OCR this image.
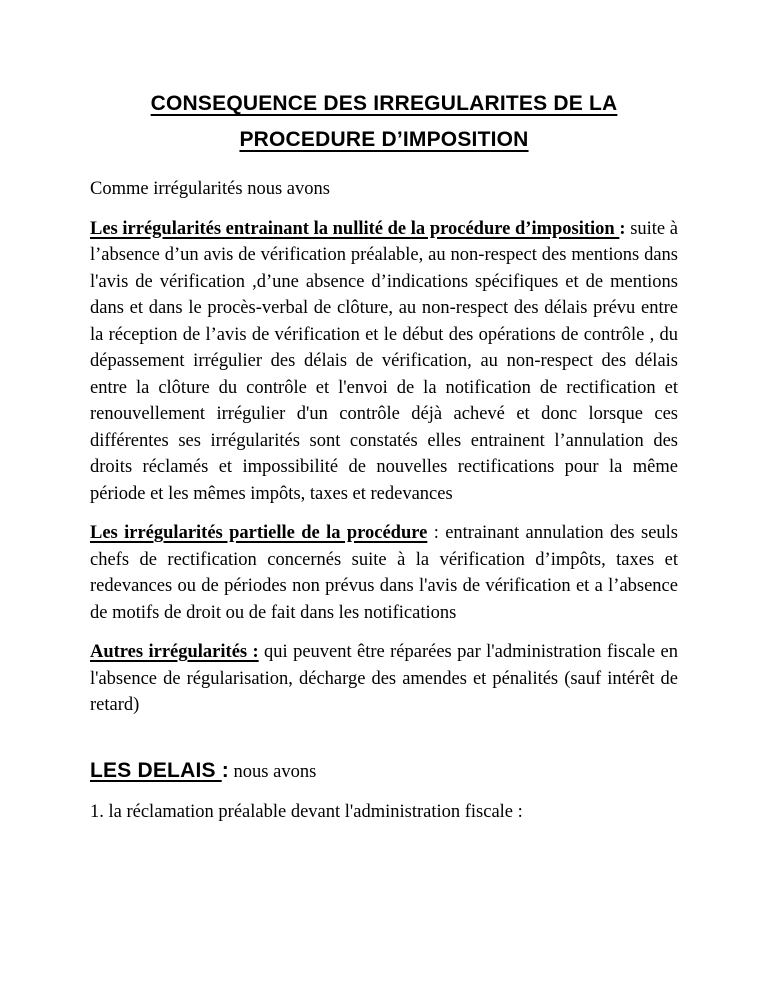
CONSEQUENCE DES IRREGULARITES DE LA
PROCEDURE D’IMPOSITION

Comme irrégularités nous avons

Les irrégularités entrainant la nullité de la procédure d’imposition : suite à l’absence d’un avis de vérification préalable, au non-respect des mentions dans l'avis de vérification ,d’une absence d’indications spécifiques et de mentions dans et dans le procès-verbal de clôture, au non-respect des délais prévu entre la réception de l’avis de vérification et le début des opérations de contrôle , du dépassement irrégulier des délais de vérification, au non-respect des délais entre la clôture du contrôle et l'envoi de la notification de rectification et renouvellement irrégulier d'un contrôle déjà achevé et donc lorsque ces différentes ses irrégularités sont constatés elles entrainent l’annulation des droits réclamés et impossibilité de nouvelles rectifications pour la même période et les mêmes impôts, taxes et redevances

Les irrégularités partielle de la procédure : entrainant annulation des seuls chefs de rectification concernés suite à la vérification d’impôts, taxes et redevances ou de périodes non prévus dans l'avis de vérification et a l’absence de motifs de droit ou de fait dans les notifications

Autres irrégularités : qui peuvent être réparées par l'administration fiscale en l'absence de régularisation, décharge des amendes et pénalités (sauf intérêt de retard)

LES DELAIS : nous avons

1. la réclamation préalable devant l'administration fiscale :
